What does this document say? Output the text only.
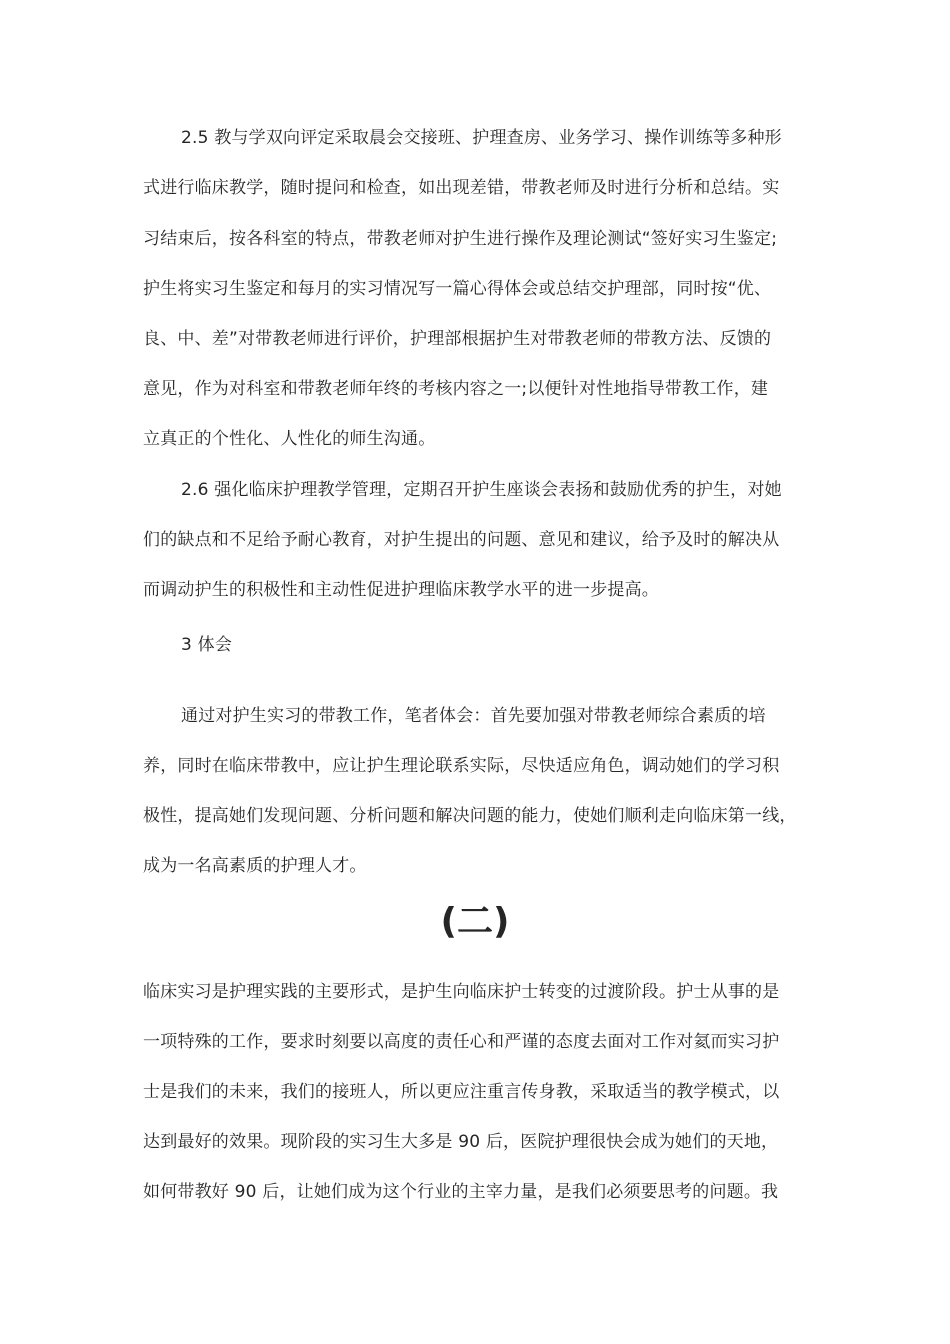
2.5 教与学双向评定采取晨会交接班、护理查房、业务学习、操作训练等多种形
式进行临床教学，随时提问和检查，如出现差错，带教老师及时进行分析和总结。实
习结束后，按各科室的特点，带教老师对护生进行操作及理论测试“签好实习生鉴定;
护生将实习生鉴定和每月的实习情况写一篇心得体会或总结交护理部，同时按“优、
良、中、差”对带教老师进行评价，护理部根据护生对带教老师的带教方法、反馈的
意见，作为对科室和带教老师年终的考核内容之一;以便针对性地指导带教工作，建
立真正的个性化、人性化的师生沟通。
2.6 强化临床护理教学管理，定期召开护生座谈会表扬和鼓励优秀的护生，对她
们的缺点和不足给予耐心教育，对护生提出的问题、意见和建议，给予及时的解决从
而调动护生的积极性和主动性促进护理临床教学水平的进一步提高。
3 体会
通过对护生实习的带教工作，笔者体会：首先要加强对带教老师综合素质的培
养，同时在临床带教中，应让护生理论联系实际，尽快适应角色，调动她们的学习积
极性，提高她们发现问题、分析问题和解决问题的能力，使她们顺利走向临床第一线，
成为一名高素质的护理人才。
(二)
临床实习是护理实践的主要形式，是护生向临床护士转变的过渡阶段。护士从事的是
一项特殊的工作，要求时刻要以高度的责任心和严谨的态度去面对工作对氦而实习护
士是我们的未来，我们的接班人，所以更应注重言传身教，采取适当的教学模式，以
达到最好的效果。现阶段的实习生大多是 90 后，医院护理很快会成为她们的天地，
如何带教好 90 后，让她们成为这个行业的主宰力量，是我们必须要思考的问题。我
